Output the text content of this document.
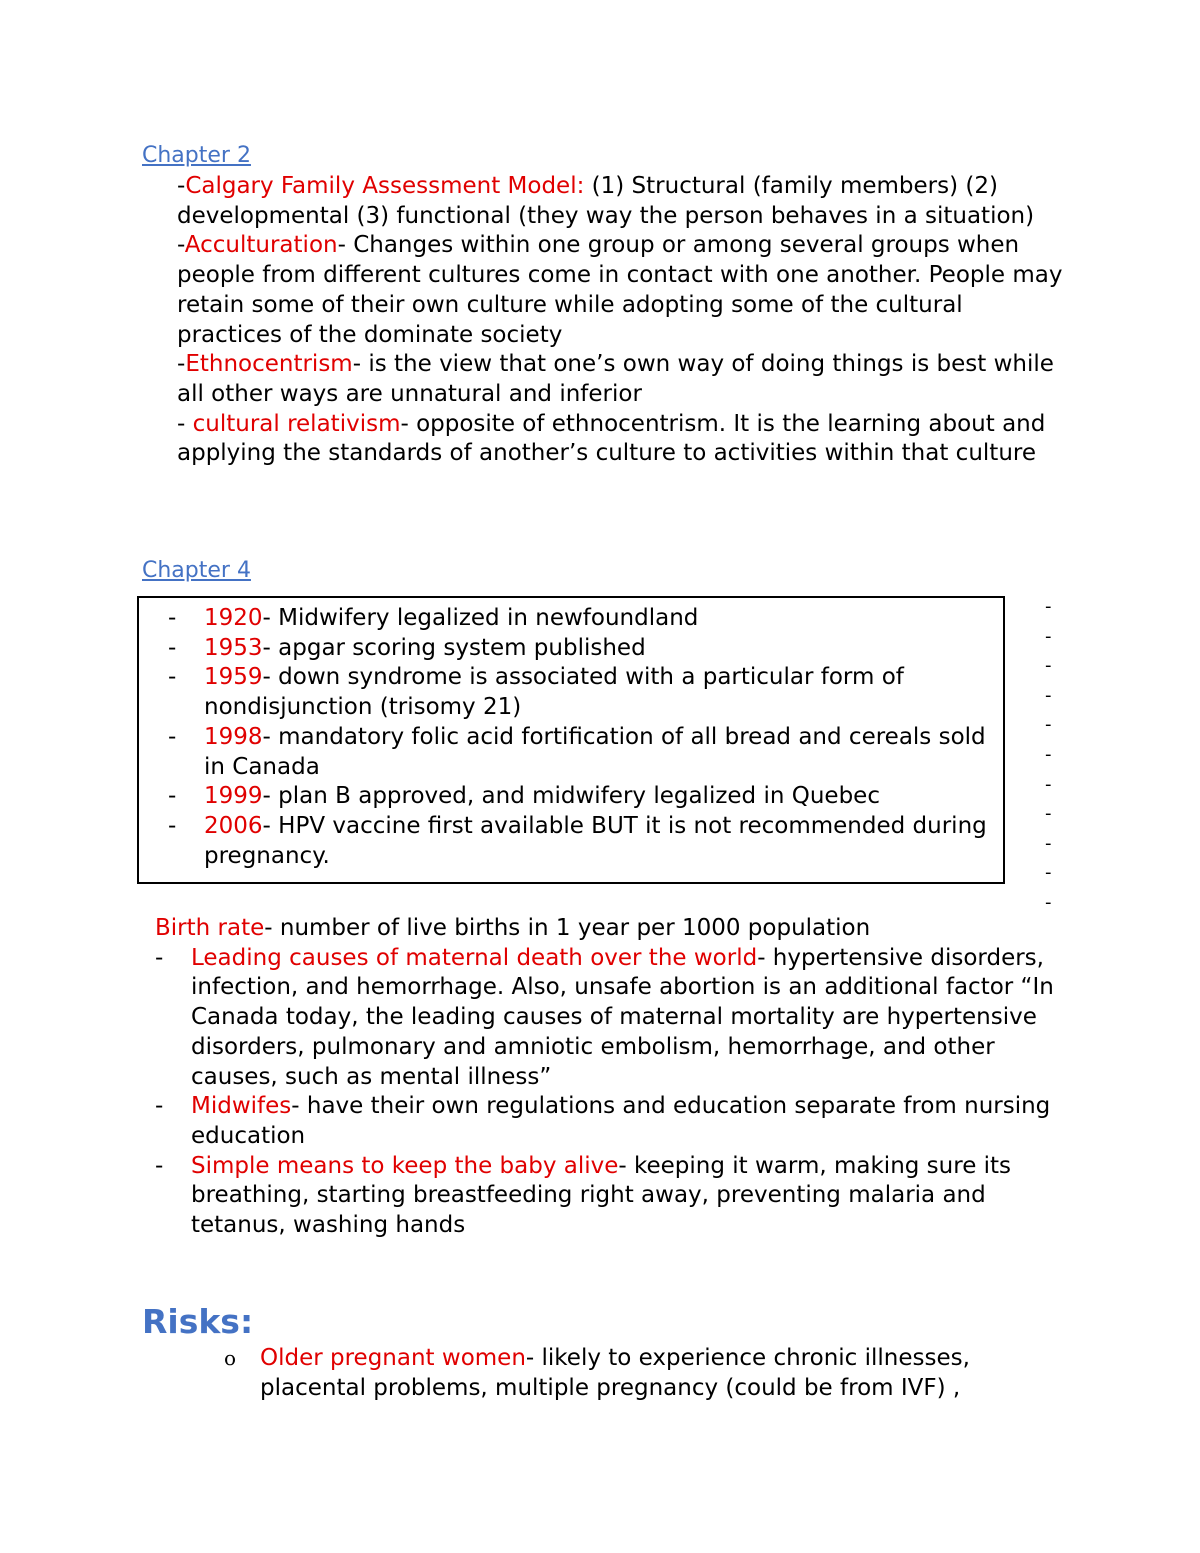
Chapter 2

-Calgary Family Assessment Model: (1) Structural (family members) (2) developmental (3) functional (they way the person behaves in a situation)

-Acculturation- Changes within one group or among several groups when people from different cultures come in contact with one another. People may retain some of their own culture while adopting some of the cultural practices of the dominate society

-Ethnocentrism- is the view that one’s own way of doing things is best while all other ways are unnatural and inferior

- cultural relativism- opposite of ethnocentrism. It is the learning about and applying the standards of another’s culture to activities within that culture

Chapter 4
- 1920- Midwifery legalized in newfoundland
- 1953- apgar scoring system published
- 1959- down syndrome is associated with a particular form of nondisjunction (trisomy 21)
- 1998- mandatory folic acid fortification of all bread and cereals sold in Canada
- 1999- plan B approved, and midwifery legalized in Quebec
- 2006- HPV vaccine first available BUT it is not recommended during pregnancy.
-
-
-
-
-
-
-
-
-
-
-
Birth rate- number of live births in 1 year per 1000 population
- Leading causes of maternal death over the world- hypertensive disorders, infection, and hemorrhage. Also, unsafe abortion is an additional factor “In Canada today, the leading causes of maternal mortality are hypertensive disorders, pulmonary and amniotic embolism, hemorrhage, and other causes, such as mental illness”
- Midwifes- have their own regulations and education separate from nursing education
- Simple means to keep the baby alive- keeping it warm, making sure its breathing, starting breastfeeding right away, preventing malaria and tetanus, washing hands
Risks:
o Older pregnant women- likely to experience chronic illnesses, placental problems, multiple pregnancy (could be from IVF) ,
